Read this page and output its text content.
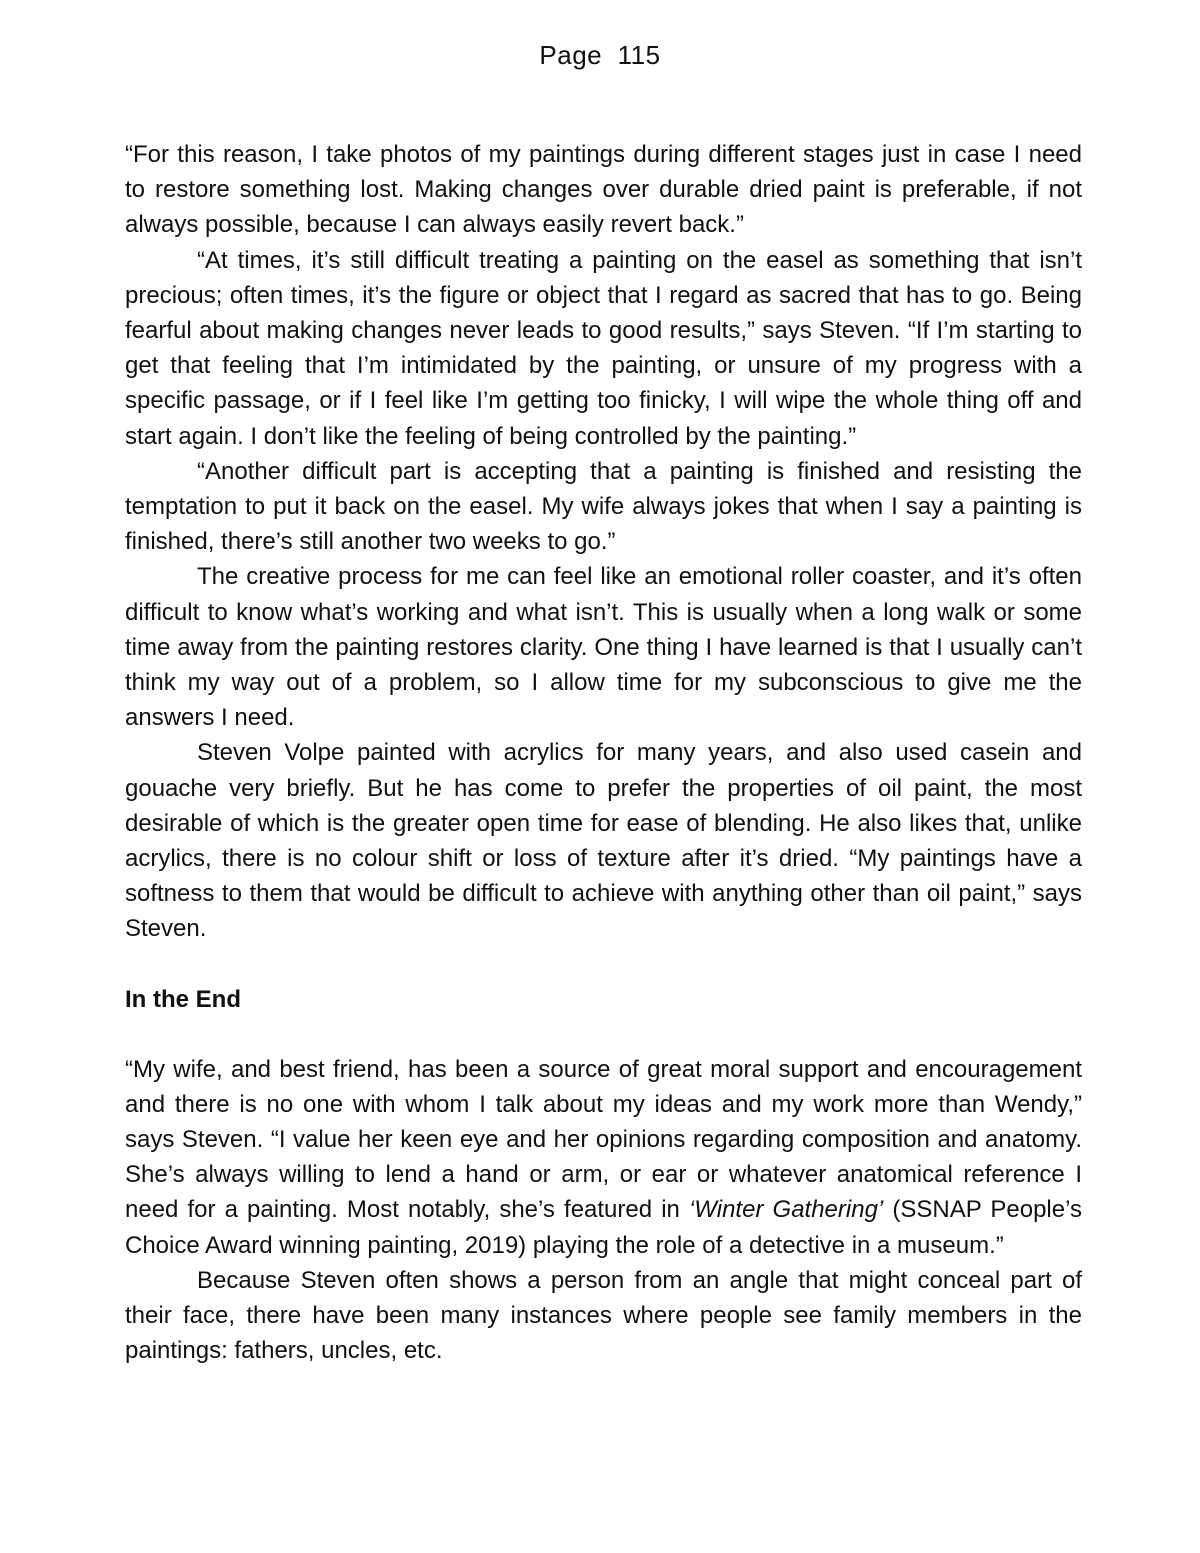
Page 115

“For this reason, I take photos of my paintings during different stages just in case I need to restore something lost. Making changes over durable dried paint is preferable, if not always possible, because I can always easily revert back.”

“At times, it’s still difficult treating a painting on the easel as something that isn’t precious; often times, it’s the figure or object that I regard as sacred that has to go. Being fearful about making changes never leads to good results,” says Steven. “If I’m starting to get that feeling that I’m intimidated by the painting, or unsure of my progress with a specific passage, or if I feel like I’m getting too finicky, I will wipe the whole thing off and start again. I don’t like the feeling of being controlled by the painting.”

“Another difficult part is accepting that a painting is finished and resisting the temptation to put it back on the easel. My wife always jokes that when I say a painting is finished, there’s still another two weeks to go.”

The creative process for me can feel like an emotional roller coaster, and it’s often difficult to know what’s working and what isn’t. This is usually when a long walk or some time away from the painting restores clarity. One thing I have learned is that I usually can’t think my way out of a problem, so I allow time for my subconscious to give me the answers I need.

Steven Volpe painted with acrylics for many years, and also used casein and gouache very briefly. But he has come to prefer the properties of oil paint, the most desirable of which is the greater open time for ease of blending. He also likes that, unlike acrylics, there is no colour shift or loss of texture after it’s dried. “My paintings have a softness to them that would be difficult to achieve with anything other than oil paint,” says Steven.

In the End

“My wife, and best friend, has been a source of great moral support and encouragement and there is no one with whom I talk about my ideas and my work more than Wendy,” says Steven. “I value her keen eye and her opinions regarding composition and anatomy. She’s always willing to lend a hand or arm, or ear or whatever anatomical reference I need for a painting. Most notably, she’s featured in ‘Winter Gathering’ (SSNAP People’s Choice Award winning painting, 2019) playing the role of a detective in a museum.”

Because Steven often shows a person from an angle that might conceal part of their face, there have been many instances where people see family members in the paintings: fathers, uncles, etc.
